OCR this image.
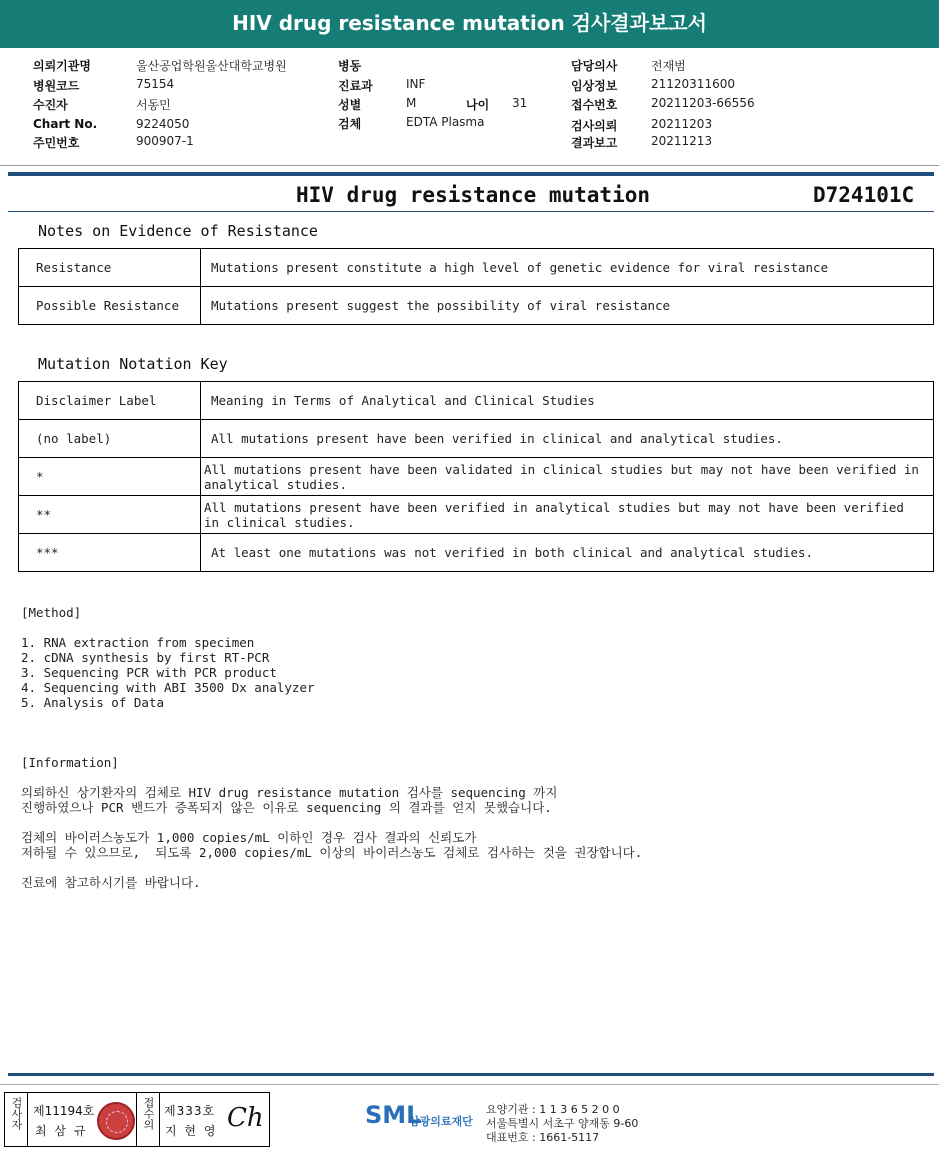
HIV drug resistance mutation 검사결과보고서
의뢰기관명	울산공업학원울산대학교병원
병원코드	75154
수진자	서동민
Chart No.	9224050
주민번호	900907-1
병동
진료과	INF
성별	M	나이 31
검체	EDTA Plasma
담당의사	전재범
임상정보	21120311600
접수번호	20211203-66556
검사의뢰	20211203
결과보고	20211213
HIV drug resistance mutation	D724101C
Notes on Evidence of Resistance
Resistance	Mutations present constitute a high level of genetic evidence for viral resistance
Possible Resistance	Mutations present suggest the possibility of viral resistance
Mutation Notation Key
Disclaimer Label	Meaning in Terms of Analytical and Clinical Studies
(no label)	All mutations present have been verified in clinical and analytical studies.
*	All mutations present have been validated in clinical studies but may not have been verified in analytical studies.
**	All mutations present have been verified in analytical studies but may not have been verified in clinical studies.
***	At least one mutations was not verified in both clinical and analytical studies.
[Method]
1. RNA extraction from specimen
2. cDNA synthesis by first RT-PCR
3. Sequencing PCR with PCR product
4. Sequencing with ABI 3500 Dx analyzer
5. Analysis of Data
[Information]
의뢰하신 상기환자의 검체로 HIV drug resistance mutation 검사를 sequencing 까지
진행하였으나 PCR 밴드가 증폭되지 않은 이유로 sequencing 의 결과를 얻지 못했습니다.
검체의 바이러스농도가 1,000 copies/mL 이하인 경우 검사 결과의 신뢰도가
저하될 수 있으므로,  되도록 2,000 copies/mL 이상의 바이러스농도 검체로 검사하는 것을 권장합니다.
진료에 참고하시기를 바랍니다.
검사자 제11194호
최 삼 규
접수의 제333호
지 현 영 Ch	SML
삼광의료재단
요양기관 : 1 1 3 6 5 2 0 0
서울특별시 서초구 양재동 9-60
대표번호 : 1661-5117
